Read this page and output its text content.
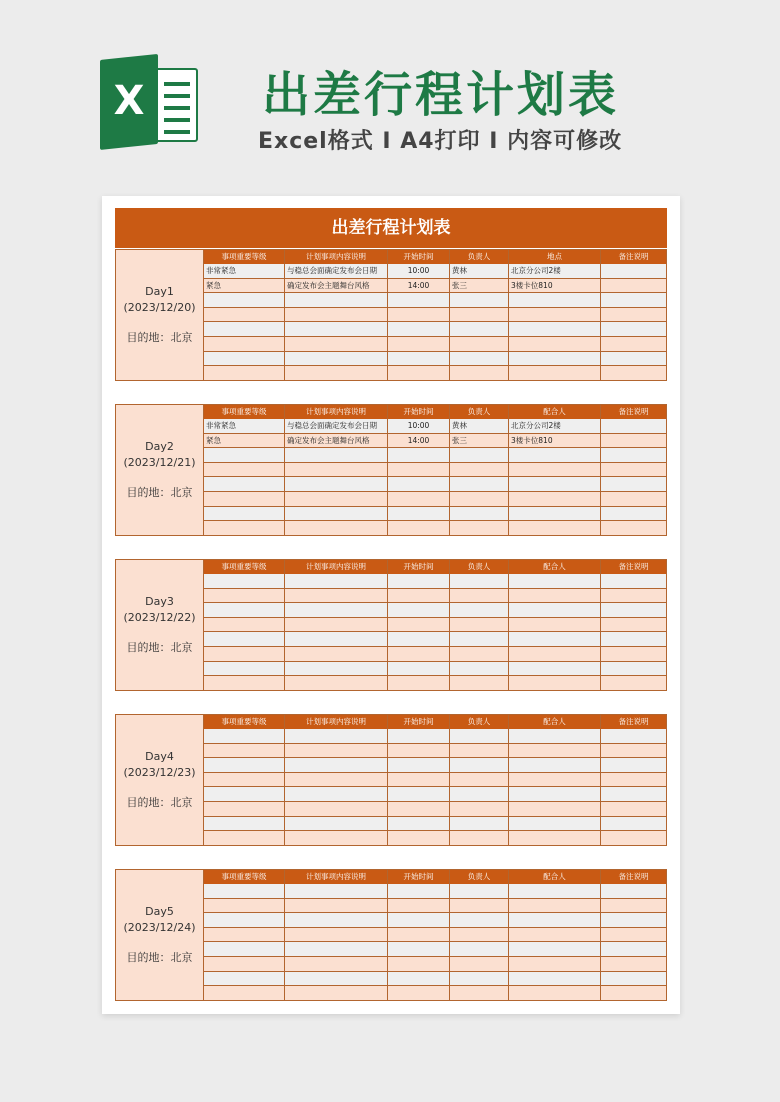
X 出差行程计划表
Excel格式 I A4打印 I 内容可修改
出差行程计划表
Day1
(2023/12/20)
目的地：北京
事项重要等级	计划事项内容说明	开始时间	负责人	地点	备注说明
非常紧急	与稳总会面确定发布会日期	10:00	黄林	北京分公司2楼
紧急	确定发布会主题舞台风格	14:00	张三	3楼卡位810
Day2
(2023/12/21)
目的地：北京
事项重要等级	计划事项内容说明	开始时间	负责人	配合人	备注说明
非常紧急	与稳总会面确定发布会日期	10:00	黄林	北京分公司2楼
紧急	确定发布会主题舞台风格	14:00	张三	3楼卡位810
Day3
(2023/12/22)
目的地：北京
事项重要等级	计划事项内容说明	开始时间	负责人	配合人	备注说明
Day4
(2023/12/23)
目的地：北京
事项重要等级	计划事项内容说明	开始时间	负责人	配合人	备注说明
Day5
(2023/12/24)
目的地：北京
事项重要等级	计划事项内容说明	开始时间	负责人	配合人	备注说明
